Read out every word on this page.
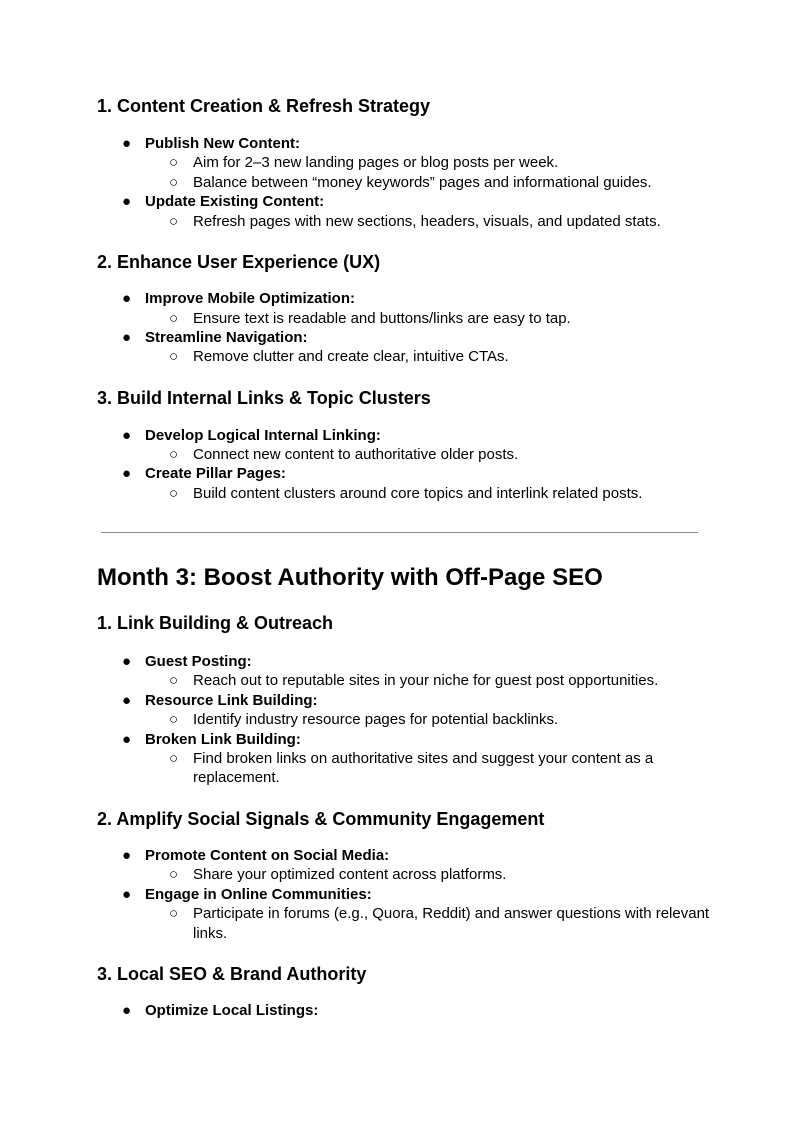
1. Content Creation & Refresh Strategy
● Publish New Content:
○ Aim for 2–3 new landing pages or blog posts per week.
○ Balance between “money keywords” pages and informational guides.
● Update Existing Content:
○ Refresh pages with new sections, headers, visuals, and updated stats.
2. Enhance User Experience (UX)
● Improve Mobile Optimization:
○ Ensure text is readable and buttons/links are easy to tap.
● Streamline Navigation:
○ Remove clutter and create clear, intuitive CTAs.
3. Build Internal Links & Topic Clusters
● Develop Logical Internal Linking:
○ Connect new content to authoritative older posts.
● Create Pillar Pages:
○ Build content clusters around core topics and interlink related posts.
Month 3: Boost Authority with Off‑Page SEO
1. Link Building & Outreach
● Guest Posting:
○ Reach out to reputable sites in your niche for guest post opportunities.
● Resource Link Building:
○ Identify industry resource pages for potential backlinks.
● Broken Link Building:
○ Find broken links on authoritative sites and suggest your content as a
replacement.
2. Amplify Social Signals & Community Engagement
● Promote Content on Social Media:
○ Share your optimized content across platforms.
● Engage in Online Communities:
○ Participate in forums (e.g., Quora, Reddit) and answer questions with relevant
links.
3. Local SEO & Brand Authority
● Optimize Local Listings:
